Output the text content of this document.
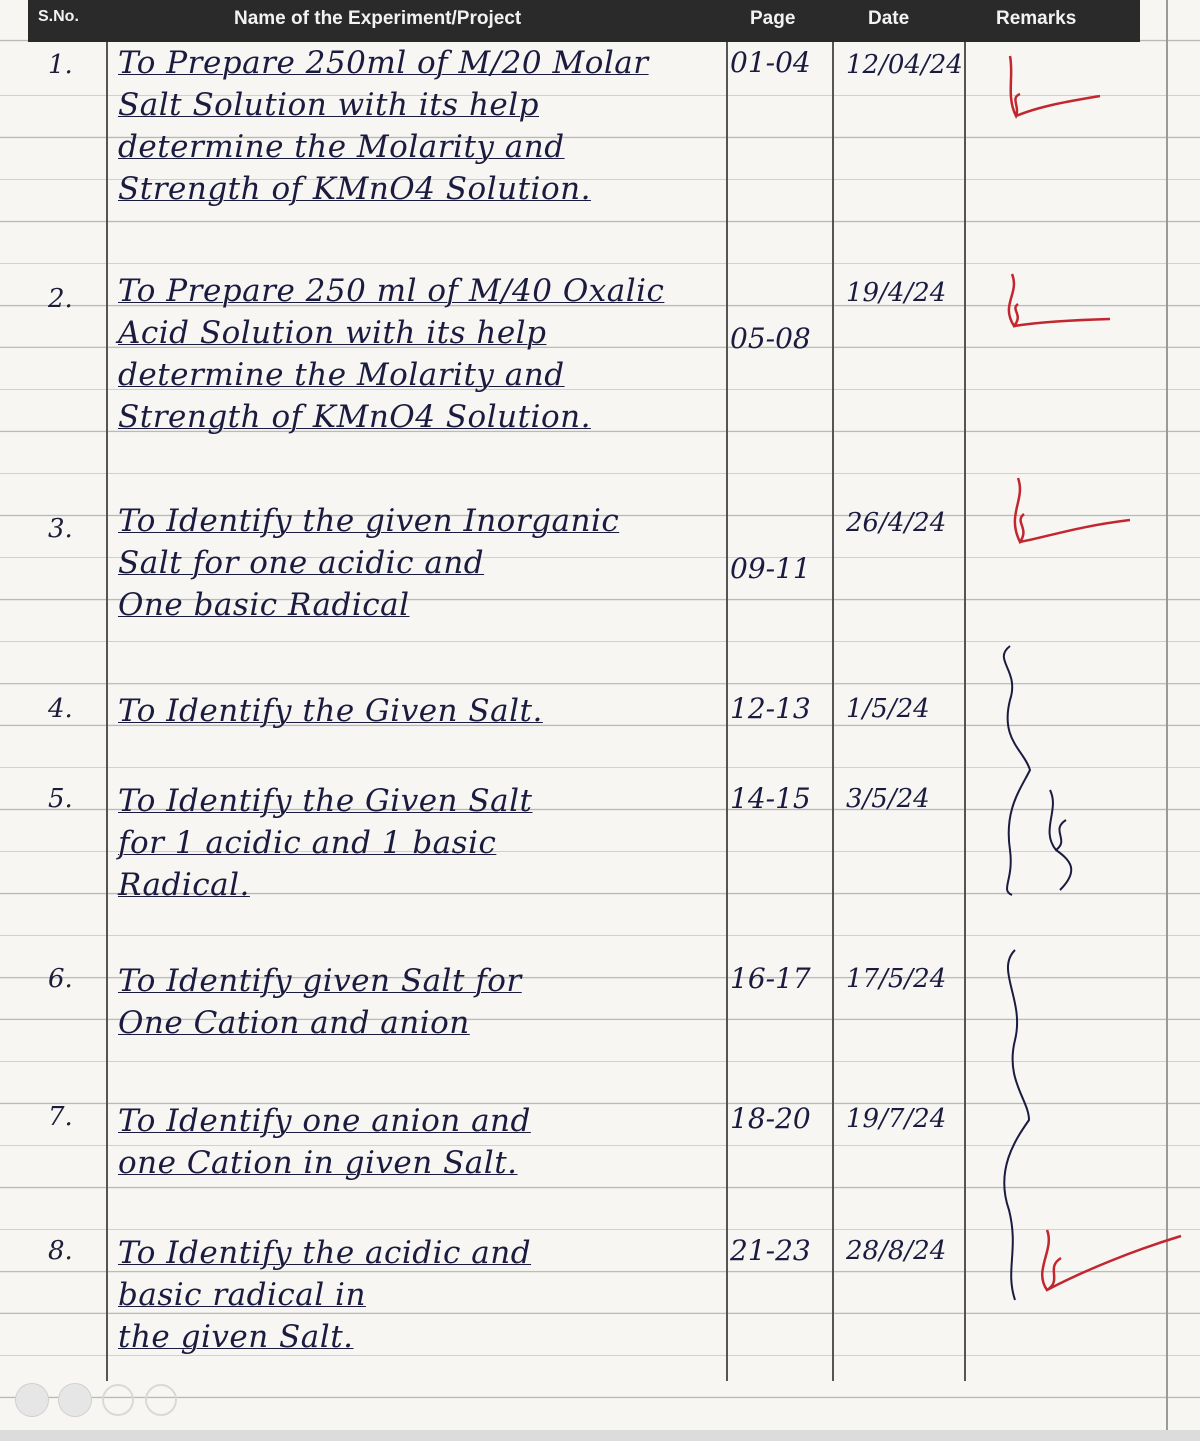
S.No.	Name of the Experiment/Project	Page	Date	Remarks
1. To Prepare 250ml of M/20 Molar
Salt Solution with its help
determine the Molarity and
Strength of KMnO4 Solution.
01-04 12/04/24
2. To Prepare 250 ml of M/40 Oxalic
Acid Solution with its help
determine the Molarity and
Strength of KMnO4 Solution.
05-08
19/4/24
3. To Identify the given Inorganic
Salt for one acidic and
One basic Radical
09-11
26/4/24
4. To Identify the Given Salt.	12-13 1/5/24
5. To Identify the Given Salt
for 1 acidic and 1 basic
Radical.
14-15 3/5/24
6. To Identify given Salt for
One Cation and anion
16-17 17/5/24
7. To Identify one anion and
one Cation in given Salt.
18-20 19/7/24
8. To Identify the acidic and
basic radical in
the given Salt.
21-23 28/8/24
